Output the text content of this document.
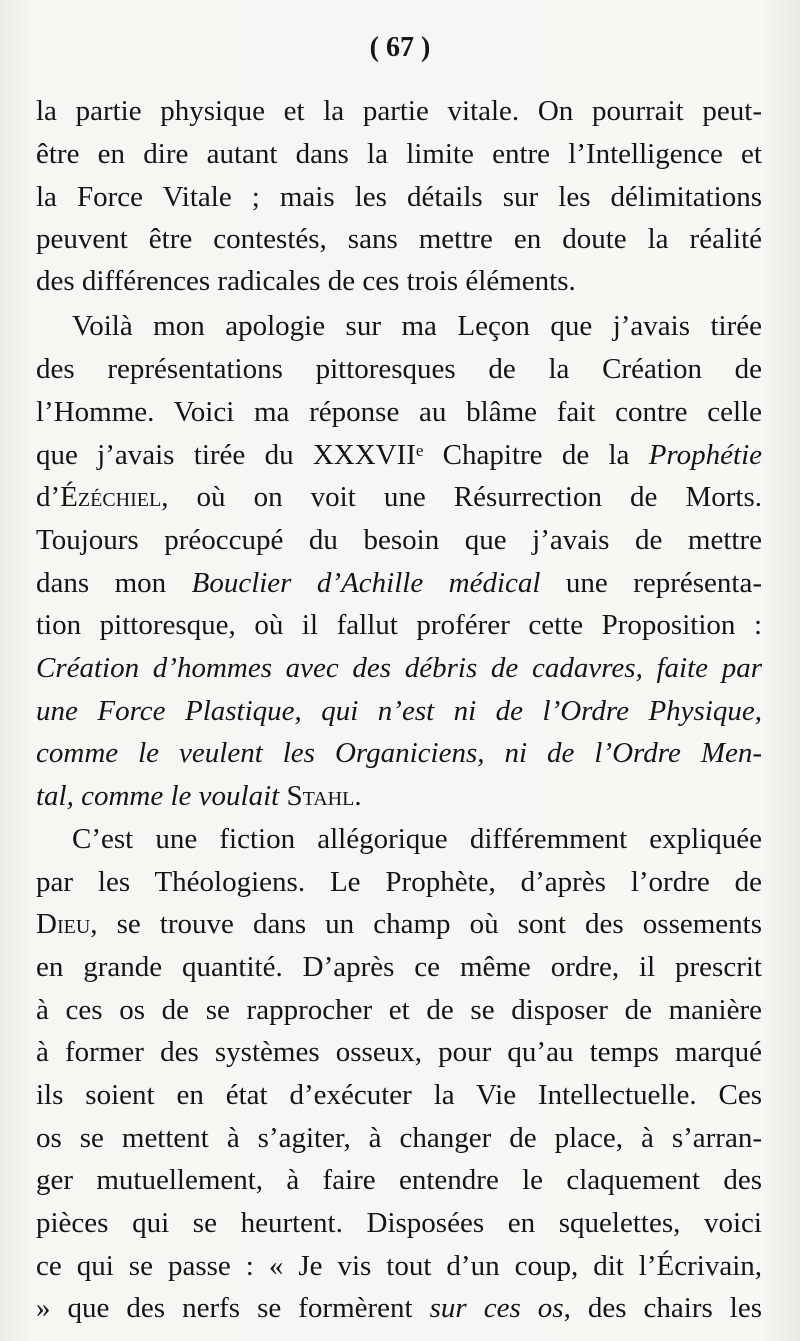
( 67 )
la partie physique et la partie vitale. On pourrait peut-
être en dire autant dans la limite entre l’Intelligence et
la Force Vitale ; mais les détails sur les délimitations
peuvent être contestés, sans mettre en doute la réalité
des différences radicales de ces trois éléments.
Voilà mon apologie sur ma Leçon que j’avais tirée
des représentations pittoresques de la Création de
l’Homme. Voici ma réponse au blâme fait contre celle
que j’avais tirée du XXXVIIᵉ Chapitre de la Prophétie
d’Ézéchiel, où on voit une Résurrection de Morts.
Toujours préoccupé du besoin que j’avais de mettre
dans mon Bouclier d’Achille médical une représenta-
tion pittoresque, où il fallut proférer cette Proposition :
Création d’hommes avec des débris de cadavres, faite par
une Force Plastique, qui n’est ni de l’Ordre Physique,
comme le veulent les Organiciens, ni de l’Ordre Men-
tal, comme le voulait Stahl.
C’est une fiction allégorique différemment expliquée
par les Théologiens. Le Prophète, d’après l’ordre de
Dieu, se trouve dans un champ où sont des ossements
en grande quantité. D’après ce même ordre, il prescrit
à ces os de se rapprocher et de se disposer de manière
à former des systèmes osseux, pour qu’au temps marqué
ils soient en état d’exécuter la Vie Intellectuelle. Ces
os se mettent à s’agiter, à changer de place, à s’arran-
ger mutuellement, à faire entendre le claquement des
pièces qui se heurtent. Disposées en squelettes, voici
ce qui se passe : « Je vis tout d’un coup, dit l’Écrivain,
» que des nerfs se formèrent sur ces os, des chairs les
